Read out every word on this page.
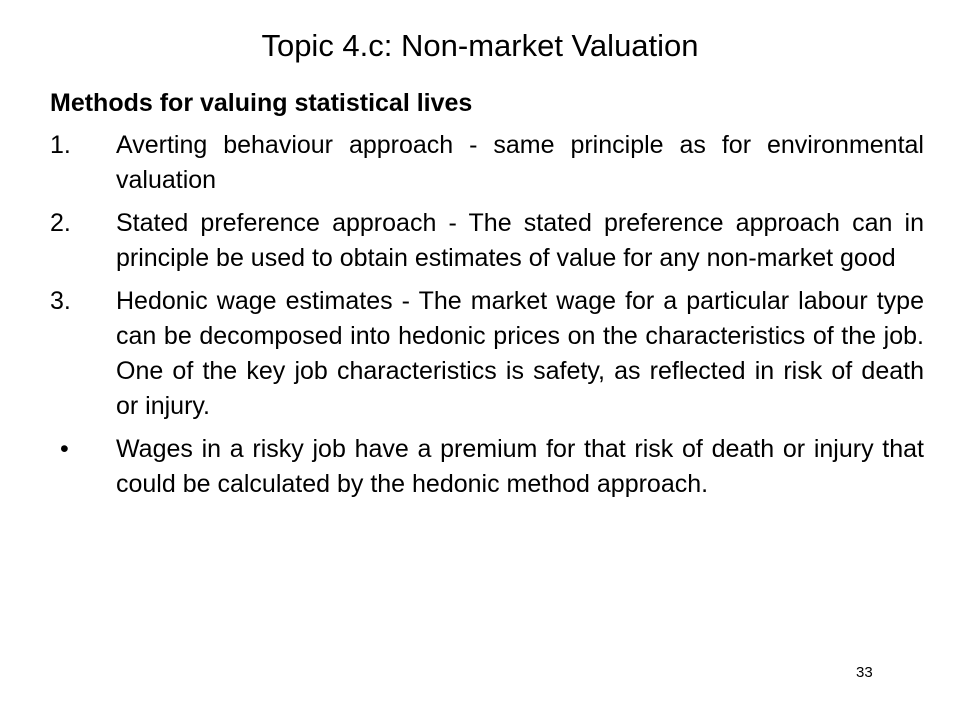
Topic 4.c: Non-market Valuation
Methods for valuing statistical lives
1.	Averting behaviour approach - same principle as for environmental valuation
2.	Stated preference approach - The stated preference approach can in principle be used to obtain estimates of value for any non-market good
3.	Hedonic wage estimates - The market wage for a particular labour type can be decomposed into hedonic prices on the characteristics of the job. One of the key job characteristics is safety, as reflected in risk of death or injury.
•	Wages in a risky job have a premium for that risk of death or injury that could be calculated by the hedonic method approach.
33
